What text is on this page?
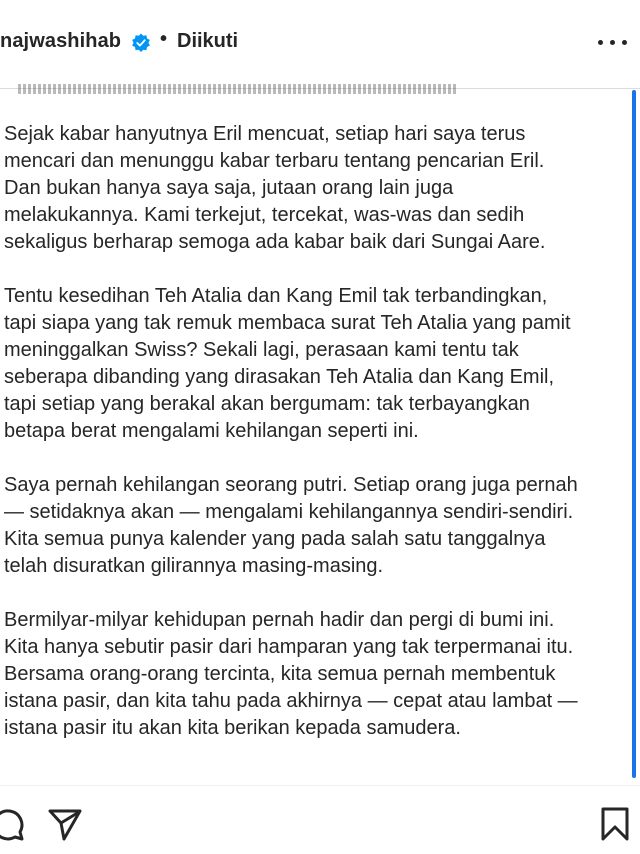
najwashihab • Diikuti

Sejak kabar hanyutnya Eril mencuat, setiap hari saya terus
mencari dan menunggu kabar terbaru tentang pencarian Eril.
Dan bukan hanya saya saja, jutaan orang lain juga
melakukannya. Kami terkejut, tercekat, was-was dan sedih
sekaligus berharap semoga ada kabar baik dari Sungai Aare.

Tentu kesedihan Teh Atalia dan Kang Emil tak terbandingkan,
tapi siapa yang tak remuk membaca surat Teh Atalia yang pamit
meninggalkan Swiss? Sekali lagi, perasaan kami tentu tak
seberapa dibanding yang dirasakan Teh Atalia dan Kang Emil,
tapi setiap yang berakal akan bergumam: tak terbayangkan
betapa berat mengalami kehilangan seperti ini.

Saya pernah kehilangan seorang putri. Setiap orang juga pernah
— setidaknya akan — mengalami kehilangannya sendiri-sendiri.
Kita semua punya kalender yang pada salah satu tanggalnya
telah disuratkan gilirannya masing-masing.

Bermilyar-milyar kehidupan pernah hadir dan pergi di bumi ini.
Kita hanya sebutir pasir dari hamparan yang tak terpermanai itu.
Bersama orang-orang tercinta, kita semua pernah membentuk
istana pasir, dan kita tahu pada akhirnya — cepat atau lambat —
istana pasir itu akan kita berikan kepada samudera.
